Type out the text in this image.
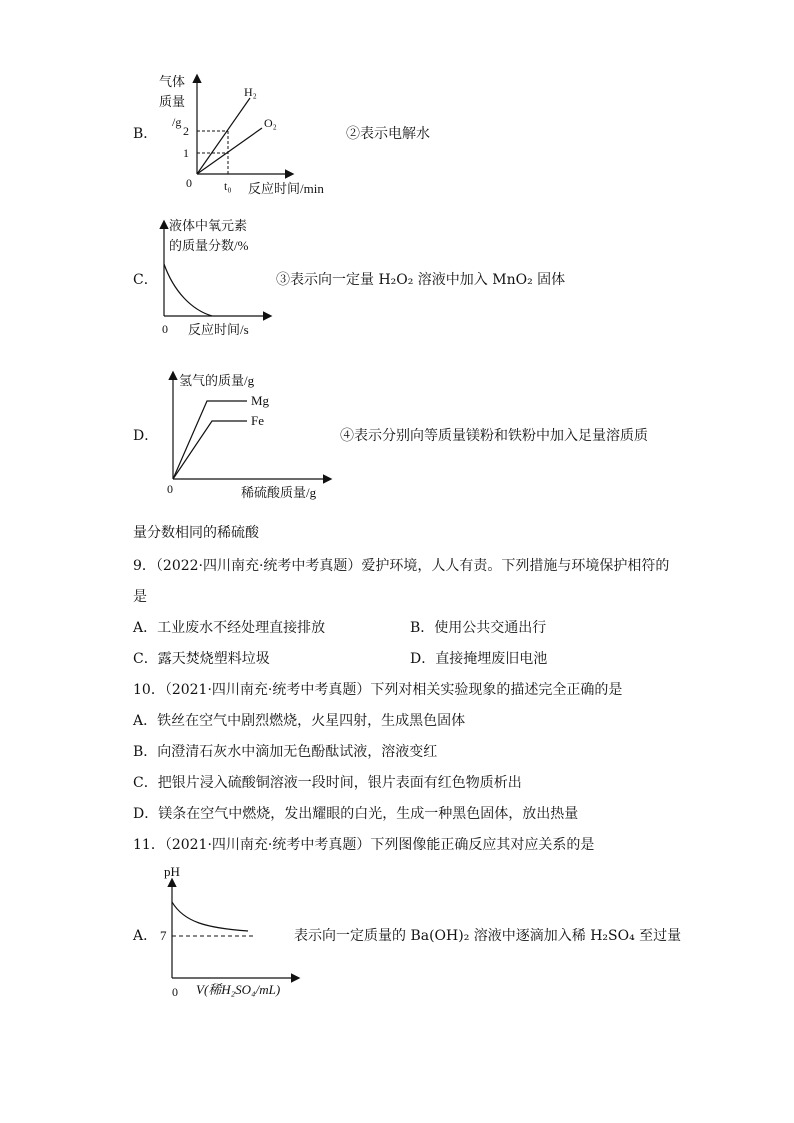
B．
气体
质量
/g
2
1
0	t₀ 反应时间/min
H₂
O₂
②表示电解水
C．
液体中氧元素
的质量分数/%
0 反应时间/s
③表示向一定量 H₂O₂ 溶液中加入 MnO₂ 固体
D．
氢气的质量/g
Mg
Fe
0	稀硫酸质量/g
④表示分别向等质量镁粉和铁粉中加入足量溶质质
量分数相同的稀硫酸
9．（2022·四川南充·统考中考真题）爱护环境，人人有责。下列措施与环境保护相符的
是
A．工业废水不经处理直接排放	B．使用公共交通出行
C．露天焚烧塑料垃圾	D．直接掩埋废旧电池
10．（2021·四川南充·统考中考真题）下列对相关实验现象的描述完全正确的是
A．铁丝在空气中剧烈燃烧，火星四射，生成黑色固体
B．向澄清石灰水中滴加无色酚酞试液，溶液变红
C．把银片浸入硫酸铜溶液一段时间，银片表面有红色物质析出
D．镁条在空气中燃烧，发出耀眼的白光，生成一种黑色固体，放出热量
11．（2021·四川南充·统考中考真题）下列图像能正确反应其对应关系的是
A．
pH
7
0 V(稀H₂SO₄/mL)
表示向一定质量的 Ba(OH)₂ 溶液中逐滴加入稀 H₂SO₄ 至过量
